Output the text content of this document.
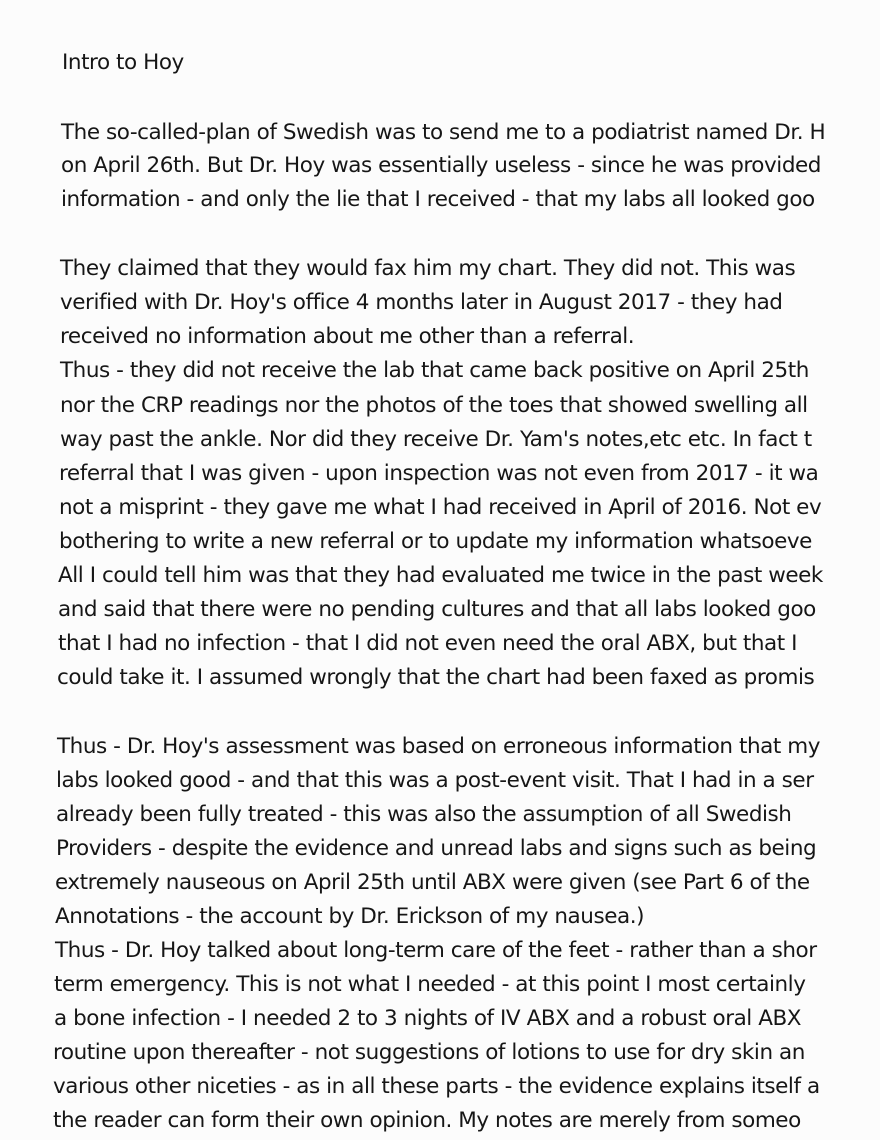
Intro to Hoy
The so-called-plan of Swedish was to send me to a podiatrist named Dr. H
on April 26th. But Dr. Hoy was essentially useless - since he was provided
information - and only the lie that I received - that my labs all looked goo
They claimed that they would fax him my chart. They did not. This was
verified with Dr. Hoy's office 4 months later in August 2017 - they had
received no information about me other than a referral.
Thus - they did not receive the lab that came back positive on April 25th
nor the CRP readings nor the photos of the toes that showed swelling all
way past the ankle. Nor did they receive Dr. Yam's notes,etc etc. In fact t
referral that I was given - upon inspection was not even from 2017 - it wa
not a misprint - they gave me what I had received in April of 2016. Not ev
bothering to write a new referral or to update my information whatsoeve
All I could tell him was that they had evaluated me twice in the past week
and said that there were no pending cultures and that all labs looked goo
that I had no infection - that I did not even need the oral ABX, but that I
could take it. I assumed wrongly that the chart had been faxed as promis
Thus - Dr. Hoy's assessment was based on erroneous information that my
labs looked good - and that this was a post-event visit. That I had in a ser
already been fully treated - this was also the assumption of all Swedish
Providers - despite the evidence and unread labs and signs such as being
extremely nauseous on April 25th until ABX were given (see Part 6 of the
Annotations - the account by Dr. Erickson of my nausea.)
Thus - Dr. Hoy talked about long-term care of the feet - rather than a shor
term emergency. This is not what I needed - at this point I most certainly
a bone infection - I needed 2 to 3 nights of IV ABX and a robust oral ABX
routine upon thereafter - not suggestions of lotions to use for dry skin an
various other niceties - as in all these parts - the evidence explains itself a
the reader can form their own opinion. My notes are merely from someo
